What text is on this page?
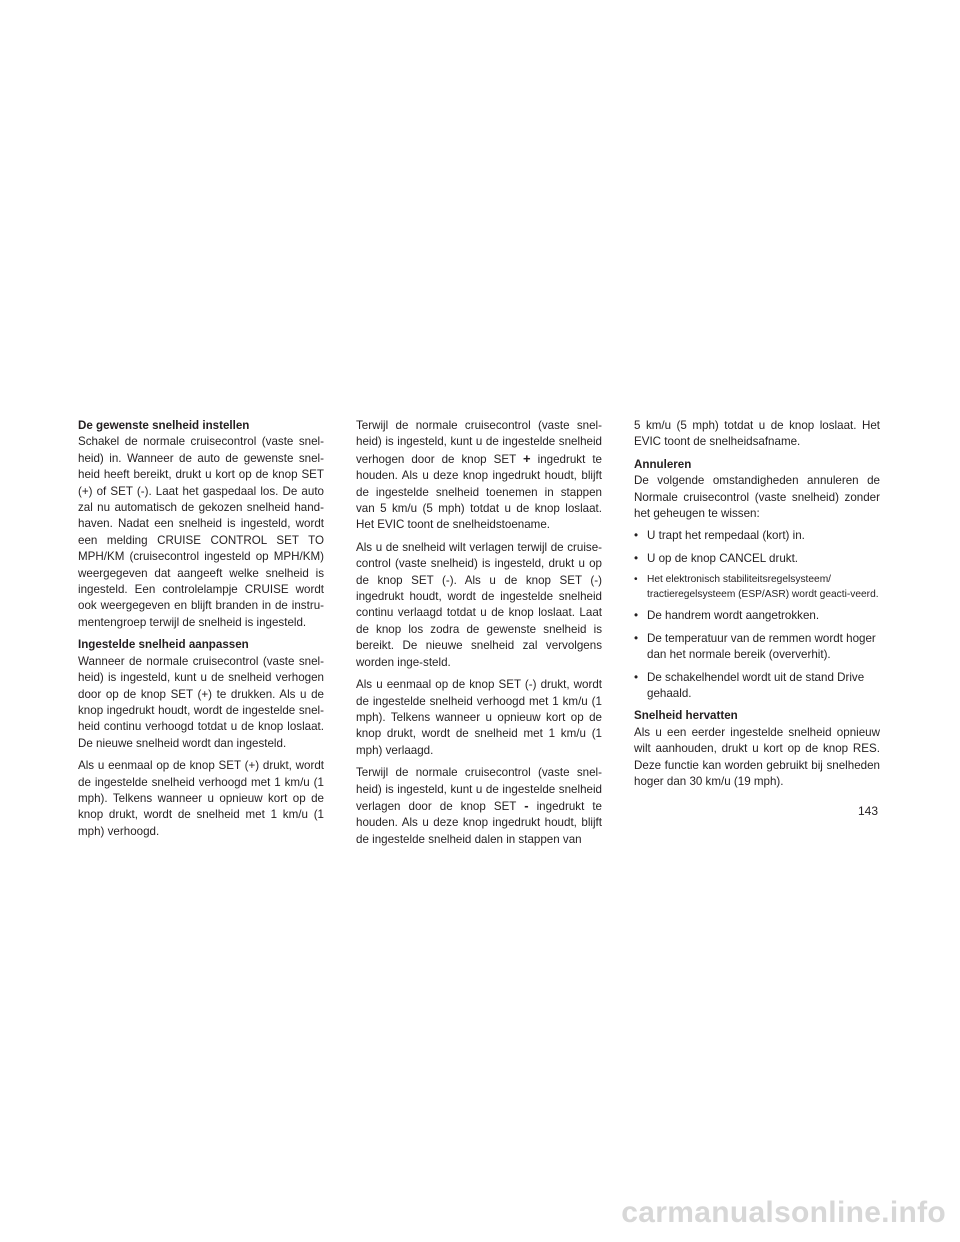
De gewenste snelheid instellen

Schakel de normale cruisecontrol (vaste snel-heid) in. Wanneer de auto de gewenste snel-heid heeft bereikt, drukt u kort op de knop SET (+) of SET (-). Laat het gaspedaal los. De auto zal nu automatisch de gekozen snelheid hand-haven. Nadat een snelheid is ingesteld, wordt een melding CRUISE CONTROL SET TO MPH/KM (cruisecontrol ingesteld op MPH/KM) weergegeven dat aangeeft welke snelheid is ingesteld. Een controlelampje CRUISE wordt ook weergegeven en blijft branden in de instru-mentengroep terwijl de snelheid is ingesteld.

Ingestelde snelheid aanpassen

Wanneer de normale cruisecontrol (vaste snel-heid) is ingesteld, kunt u de snelheid verhogen door op de knop SET (+) te drukken. Als u de knop ingedrukt houdt, wordt de ingestelde snel-heid continu verhoogd totdat u de knop loslaat. De nieuwe snelheid wordt dan ingesteld.

Als u eenmaal op de knop SET (+) drukt, wordt de ingestelde snelheid verhoogd met 1 km/u (1 mph). Telkens wanneer u opnieuw kort op de knop drukt, wordt de snelheid met 1 km/u (1 mph) verhoogd.

Terwijl de normale cruisecontrol (vaste snel-heid) is ingesteld, kunt u de ingestelde snelheid verhogen door de knop SET + ingedrukt te houden. Als u deze knop ingedrukt houdt, blijft de ingestelde snelheid toenemen in stappen van 5 km/u (5 mph) totdat u de knop loslaat. Het EVIC toont de snelheidstoename.

Als u de snelheid wilt verlagen terwijl de cruise-control (vaste snelheid) is ingesteld, drukt u op de knop SET (-). Als u de knop SET (-) ingedrukt houdt, wordt de ingestelde snelheid continu verlaagd totdat u de knop loslaat. Laat de knop los zodra de gewenste snelheid is bereikt. De nieuwe snelheid zal vervolgens worden inge-steld.

Als u eenmaal op de knop SET (-) drukt, wordt de ingestelde snelheid verhoogd met 1 km/u (1 mph). Telkens wanneer u opnieuw kort op de knop drukt, wordt de snelheid met 1 km/u (1 mph) verlaagd.

Terwijl de normale cruisecontrol (vaste snel-heid) is ingesteld, kunt u de ingestelde snelheid verlagen door de knop SET - ingedrukt te houden. Als u deze knop ingedrukt houdt, blijft de ingestelde snelheid dalen in stappen van

5 km/u (5 mph) totdat u de knop loslaat. Het EVIC toont de snelheidsafname.

Annuleren

De volgende omstandigheden annuleren de Normale cruisecontrol (vaste snelheid) zonder het geheugen te wissen:

• U trapt het rempedaal (kort) in.
• U op de knop CANCEL drukt.
• Het elektronisch stabiliteitsregelsysteem/ tractieregelsysteem (ESP/ASR) wordt geacti-veerd.
• De handrem wordt aangetrokken.
• De temperatuur van de remmen wordt hoger dan het normale bereik (oververhit).
• De schakelhendel wordt uit de stand Drive gehaald.
Snelheid hervatten

Als u een eerder ingestelde snelheid opnieuw wilt aanhouden, drukt u kort op de knop RES. Deze functie kan worden gebruikt bij snelheden hoger dan 30 km/u (19 mph).

143
carmanualsonline.info
